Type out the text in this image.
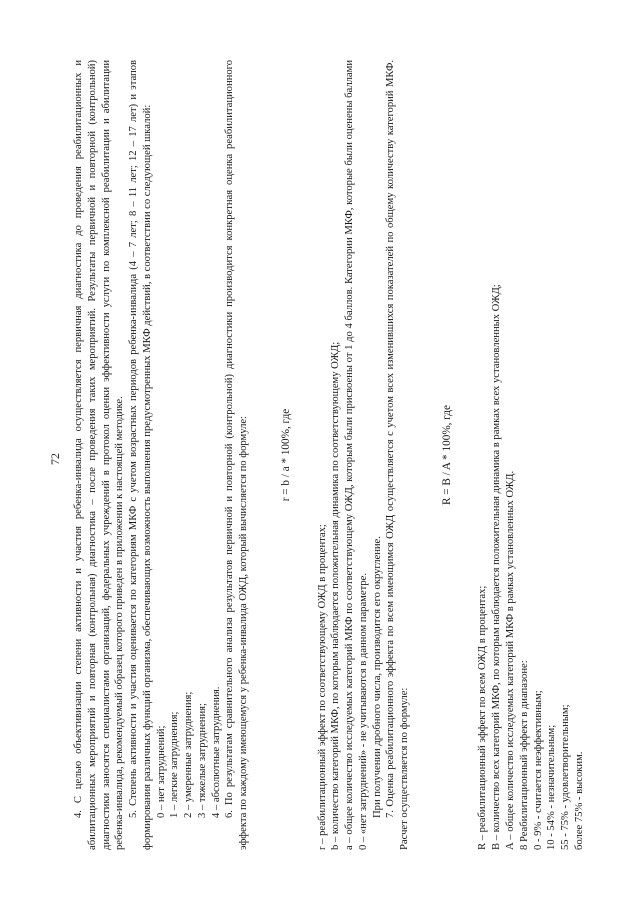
72 4. С целью объективизации степени активности и участия ребенка-инвалида осуществляется первичная диагностика до проведения реабилитационных и абилитационных мероприятий и повторная (контрольная) диагностика – после проведения таких мероприятий. Результаты первичной и повторной (контрольной) диагностики заносятся специалистами организаций, федеральных учреждений в протокол оценки эффективности услуги по комплексной реабилитации и абилитации ребенка-инвалида, рекомендуемый образец которого приведен в приложении к настоящей методике. 5. Степень активности и участия оценивается по категориям МКФ с учетом возрастных периодов ребенка-инвалида (4 – 7 лет; 8 – 11 лет; 12 – 17 лет) и этапов формирования различных функций организма, обеспечивающих возможность выполнения предусмотренных МКФ действий, в соответствии со следующей шкалой: 0 – нет затруднений; 1 – легкие затруднения; 2 – умеренные затруднения; 3 – тяжелые затруднения; 4 – абсолютные затруднения. 6. По результатам сравнительного анализа результатов первичной и повторной (контрольной) диагностики производится конкретная оценка реабилитационного эффекта по каждому имеющемуся у ребенка-инвалида ОЖД, который вычисляется по формуле:	r = b / a * 100%, где

r – реабилитационный эффект по соответствующему ОЖД в процентах; b – количество категорий МКФ, по которым наблюдается положительная динамика по соответствующему ОЖД; a – общее количество исследуемых категорий МКФ по соответствующему ОЖД, которым были присвоены от 1 до 4 баллов. Категории МКФ, которые были оценены баллами 0 – «нет затруднений» - не учитываются в данном параметре. При получении дробного числа, производится его округление. 7. Оценка реабилитационного эффекта по всем имеющимся ОЖД осуществляется с учетом всех изменившихся показателей по общему количеству категорий МКФ. Расчет осуществляется по формуле:

R = B / A * 100%, где

R – реабилитационный эффект по всем ОЖД в процентах; В – количество всех категорий МКФ, по которым наблюдается положительная динамика в рамках всех установленных ОЖД; А – общее количество исследуемых категорий МКФ в рамках установленных ОЖД. 8 Реабилитационный эффект в диапазоне: 0 - 9% - считается неэффективным; 10 - 54% - незначительным; 55 - 75% - удовлетворительным; более 75% - высоким.
